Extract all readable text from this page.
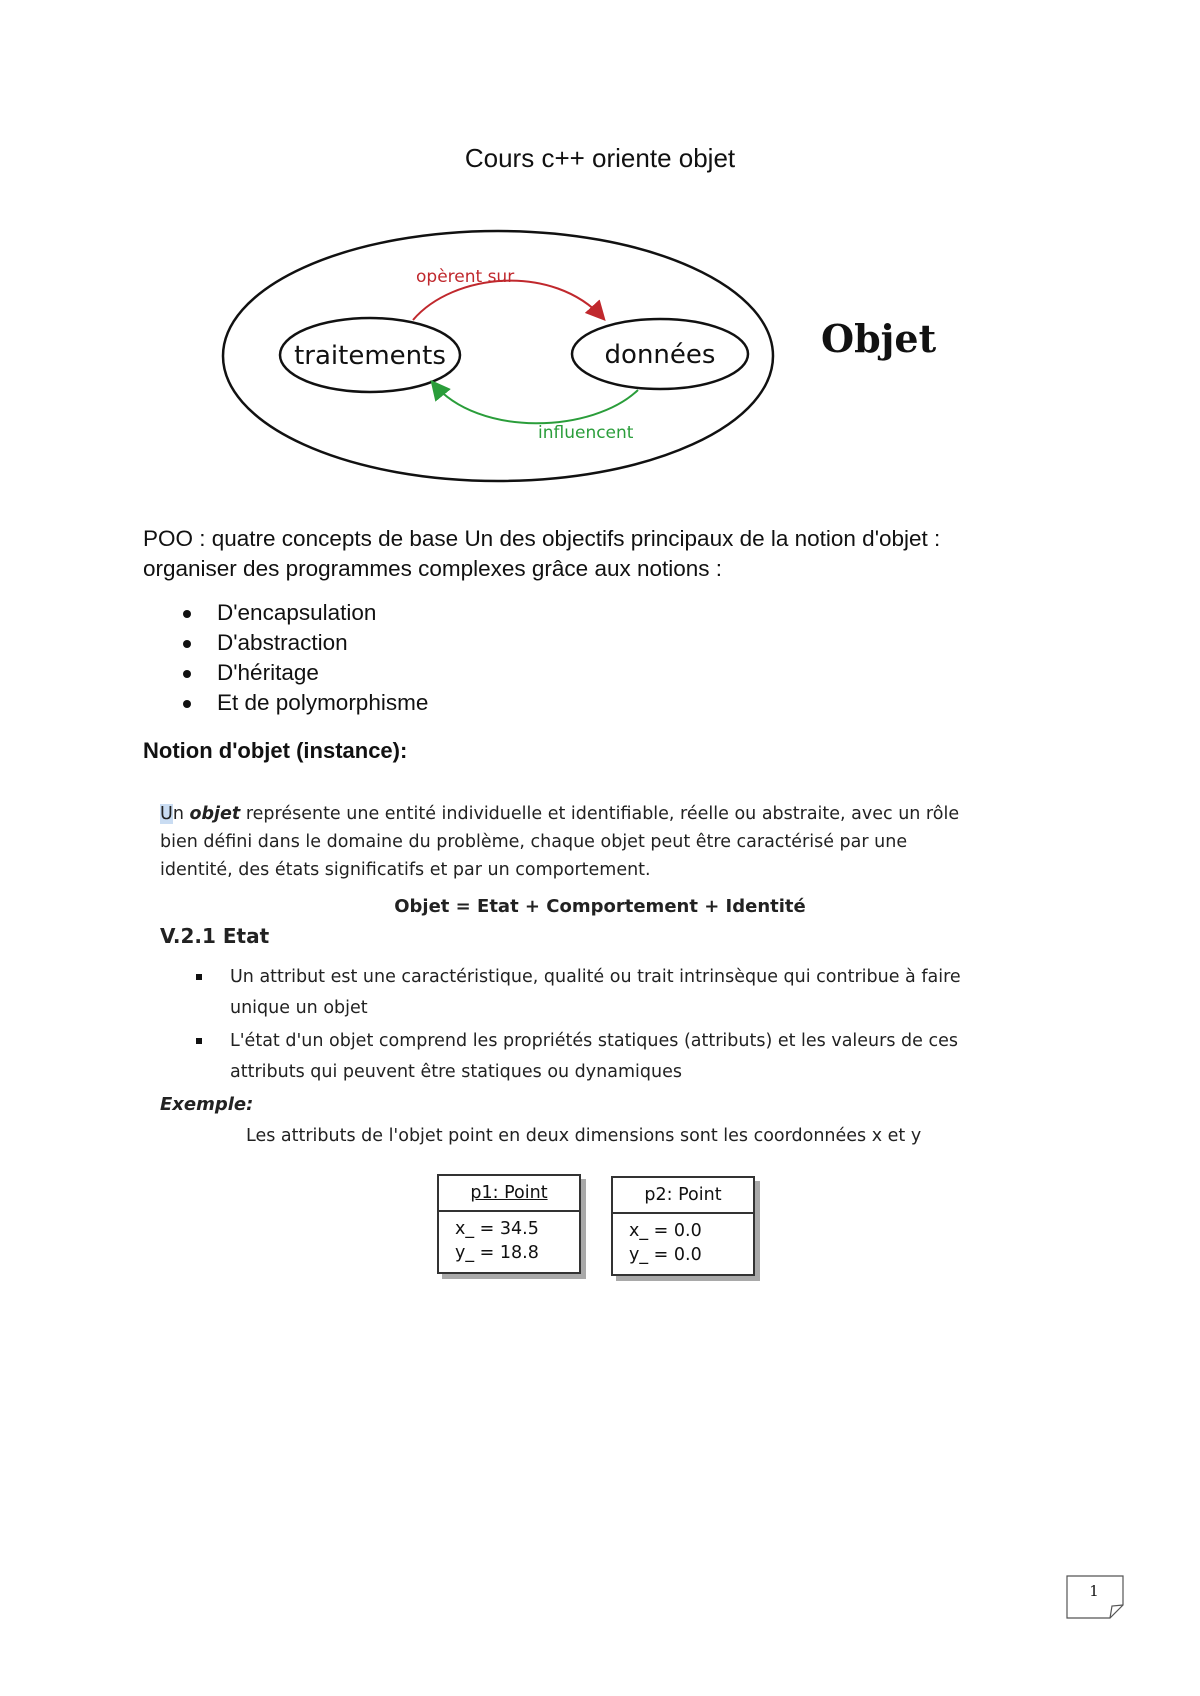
Cours c++ oriente objet
traitements	données
opèrent sur
influencent
Objet
POO : quatre concepts de base Un des objectifs principaux de la notion d'objet :
organiser des programmes complexes grâce aux notions :
D'encapsulation
D'abstraction
D'héritage
Et de polymorphisme
Notion d'objet (instance):
Un objet représente une entité individuelle et identifiable, réelle ou abstraite, avec un rôle
bien défini dans le domaine du problème, chaque objet peut être caractérisé par une
identité, des états significatifs et par un comportement.
Objet = Etat + Comportement + Identité
V.2.1 Etat
Un attribut est une caractéristique, qualité ou trait intrinsèque qui contribue à faire
unique un objet
L'état d'un objet comprend les propriétés statiques (attributs) et les valeurs de ces
attributs qui peuvent être statiques ou dynamiques
Exemple:
Les attributs de l'objet point en deux dimensions sont les coordonnées x et y
p1: Point
x_ = 34.5
y_ = 18.8
p2: Point
x_ = 0.0
y_ = 0.0
1
